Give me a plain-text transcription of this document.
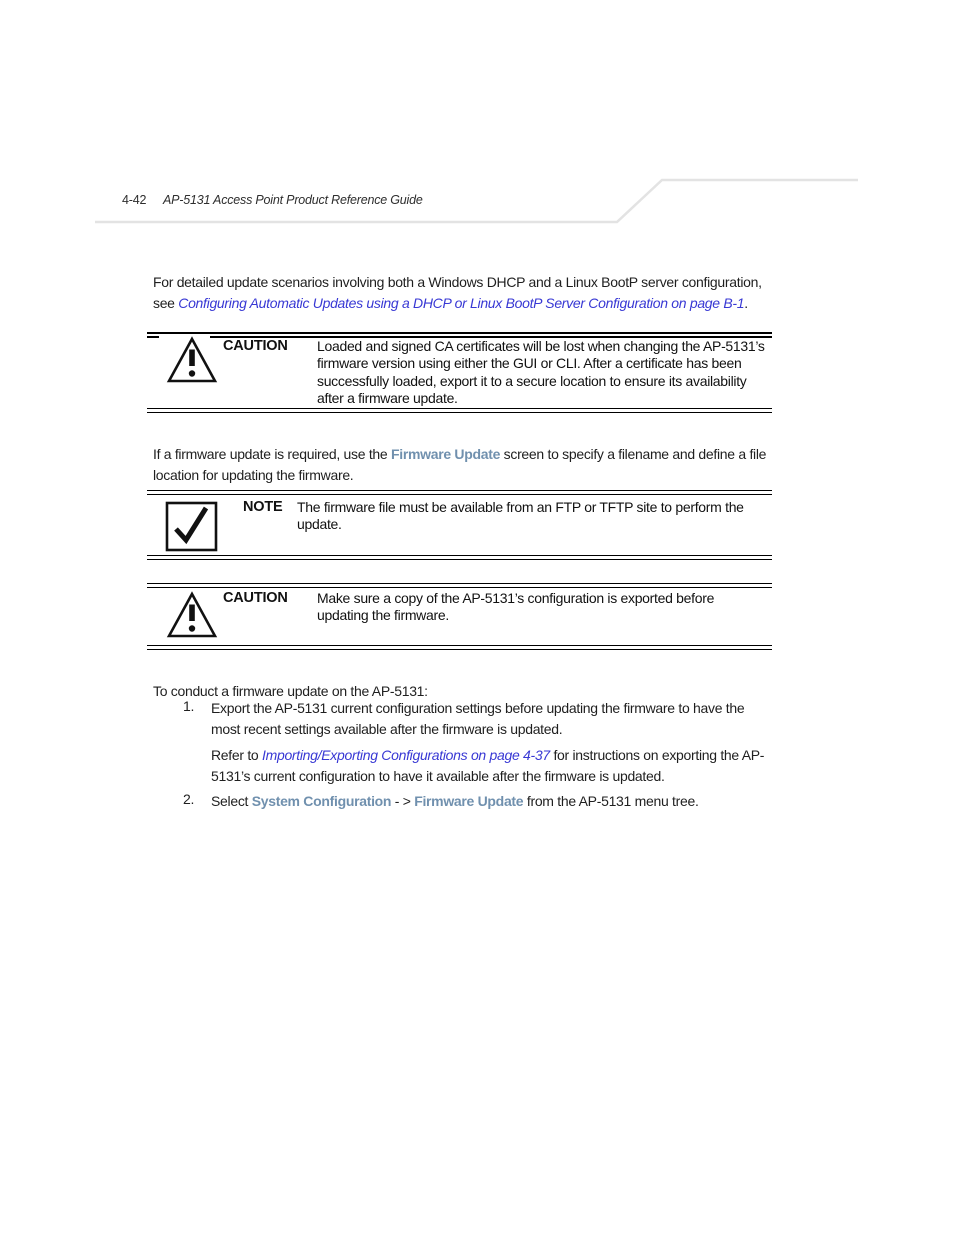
4-42 AP-5131 Access Point Product Reference Guide

For detailed update scenarios involving both a Windows DHCP and a Linux BootP server configuration, see Configuring Automatic Updates using a DHCP or Linux BootP Server Configuration on page B-1.

CAUTION Loaded and signed CA certificates will be lost when changing the AP-5131’s firmware version using either the GUI or CLI. After a certificate has been successfully loaded, export it to a secure location to ensure its availability after a firmware update.

If a firmware update is required, use the Firmware Update screen to specify a filename and define a file location for updating the firmware.

NOTE The firmware file must be available from an FTP or TFTP site to perform the update.
CAUTION Make sure a copy of the AP-5131’s configuration is exported before updating the firmware.

To conduct a firmware update on the AP-5131:

1. Export the AP-5131 current configuration settings before updating the firmware to have the most recent settings available after the firmware is updated.
Refer to Importing/Exporting Configurations on page 4-37 for instructions on exporting the AP-5131’s current configuration to have it available after the firmware is updated.
2. Select System Configuration - > Firmware Update from the AP-5131 menu tree.
